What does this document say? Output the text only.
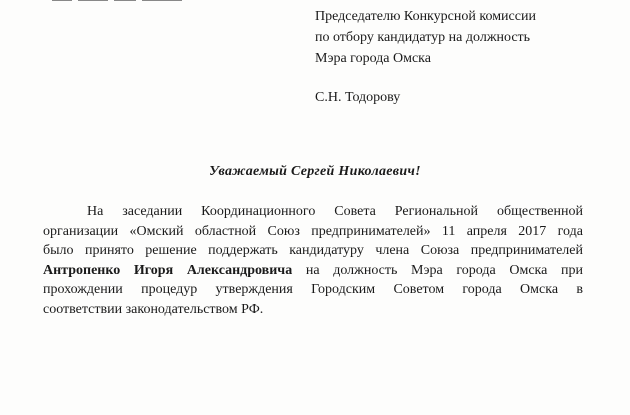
Председателю Конкурсной комиссии
по отбору кандидатур на должность
Мэра города Омска
С.Н. Тодорову
Уважаемый Сергей Николаевич!
На заседании Координационного Совета Региональной общественной
организации «Омский областной Союз предпринимателей» 11 апреля 2017 года
было принято решение поддержать кандидатуру члена Союза предпринимателей
Антропенко Игоря Александровича на должность Мэра города Омска при
прохождении процедур утверждения Городским Советом города Омска в
соответствии законодательством РФ.
